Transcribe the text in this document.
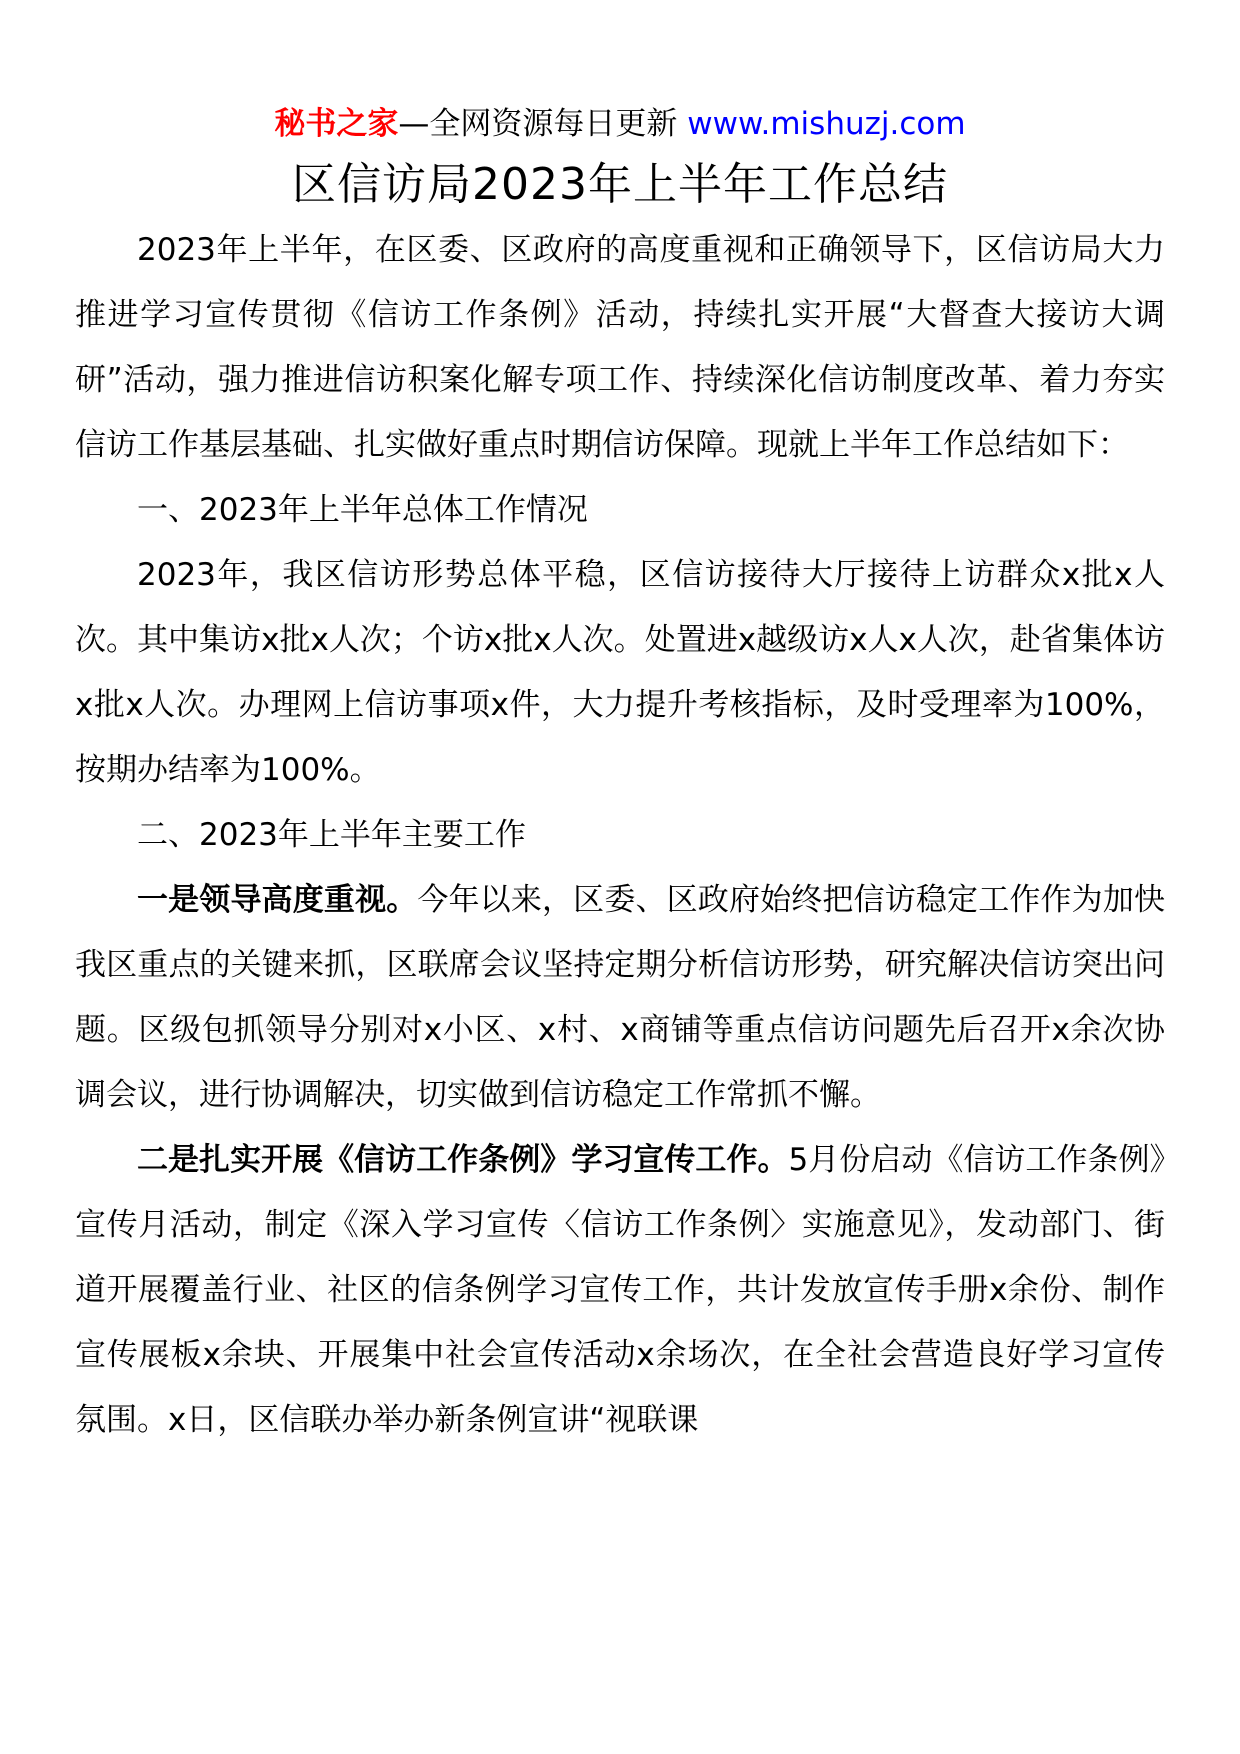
秘书之家—全网资源每日更新 www.mishuzj.com
区信访局2023年上半年工作总结

2023年上半年，在区委、区政府的高度重视和正确领导下，区信访局大力推进学习宣传贯彻《信访工作条例》活动，持续扎实开展“大督查大接访大调研”活动，强力推进信访积案化解专项工作、持续深化信访制度改革、着力夯实信访工作基层基础、扎实做好重点时期信访保障。现就上半年工作总结如下：

一、2023年上半年总体工作情况

2023年，我区信访形势总体平稳，区信访接待大厅接待上访群众x批x人次。其中集访x批x人次；个访x批x人次。处置进x越级访x人x人次，赴省集体访x批x人次。办理网上信访事项x件，大力提升考核指标，及时受理率为100%，按期办结率为100%。

二、2023年上半年主要工作

一是领导高度重视。今年以来，区委、区政府始终把信访稳定工作作为加快我区重点的关键来抓，区联席会议坚持定期分析信访形势，研究解决信访突出问题。区级包抓领导分别对x小区、x村、x商铺等重点信访问题先后召开x余次协调会议，进行协调解决，切实做到信访稳定工作常抓不懈。

二是扎实开展《信访工作条例》学习宣传工作。5月份启动《信访工作条例》宣传月活动，制定《深入学习宣传〈信访工作条例〉实施意见》，发动部门、街道开展覆盖行业、社区的信条例学习宣传工作，共计发放宣传手册x余份、制作宣传展板x余块、开展集中社会宣传活动x余场次，在全社会营造良好学习宣传氛围。x日，区信联办举办新条例宣讲“视联课
